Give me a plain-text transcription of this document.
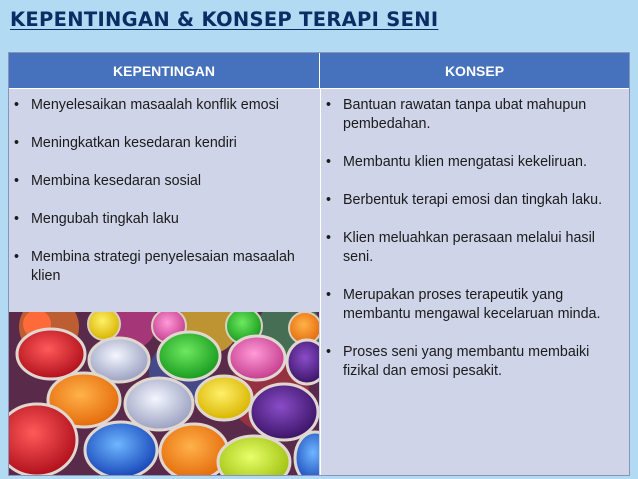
KEPENTINGAN & KONSEP TERAPI SENI
KEPENTINGAN	KONSEP
• Menyelesaikan masaalah konflik emosi
• Meningkatkan kesedaran kendiri
• Membina kesedaran sosial
• Mengubah tingkah laku
• Membina strategi penyelesaian masaalah klien
• Bantuan rawatan tanpa ubat mahupun pembedahan.
• Membantu klien mengatasi kekeliruan.
• Berbentuk terapi emosi dan tingkah laku.
• Klien meluahkan perasaan melalui hasil seni.
• Merupakan proses terapeutik yang membantu mengawal kecelaruan minda.
• Proses seni yang membantu membaiki fizikal dan emosi pesakit.
